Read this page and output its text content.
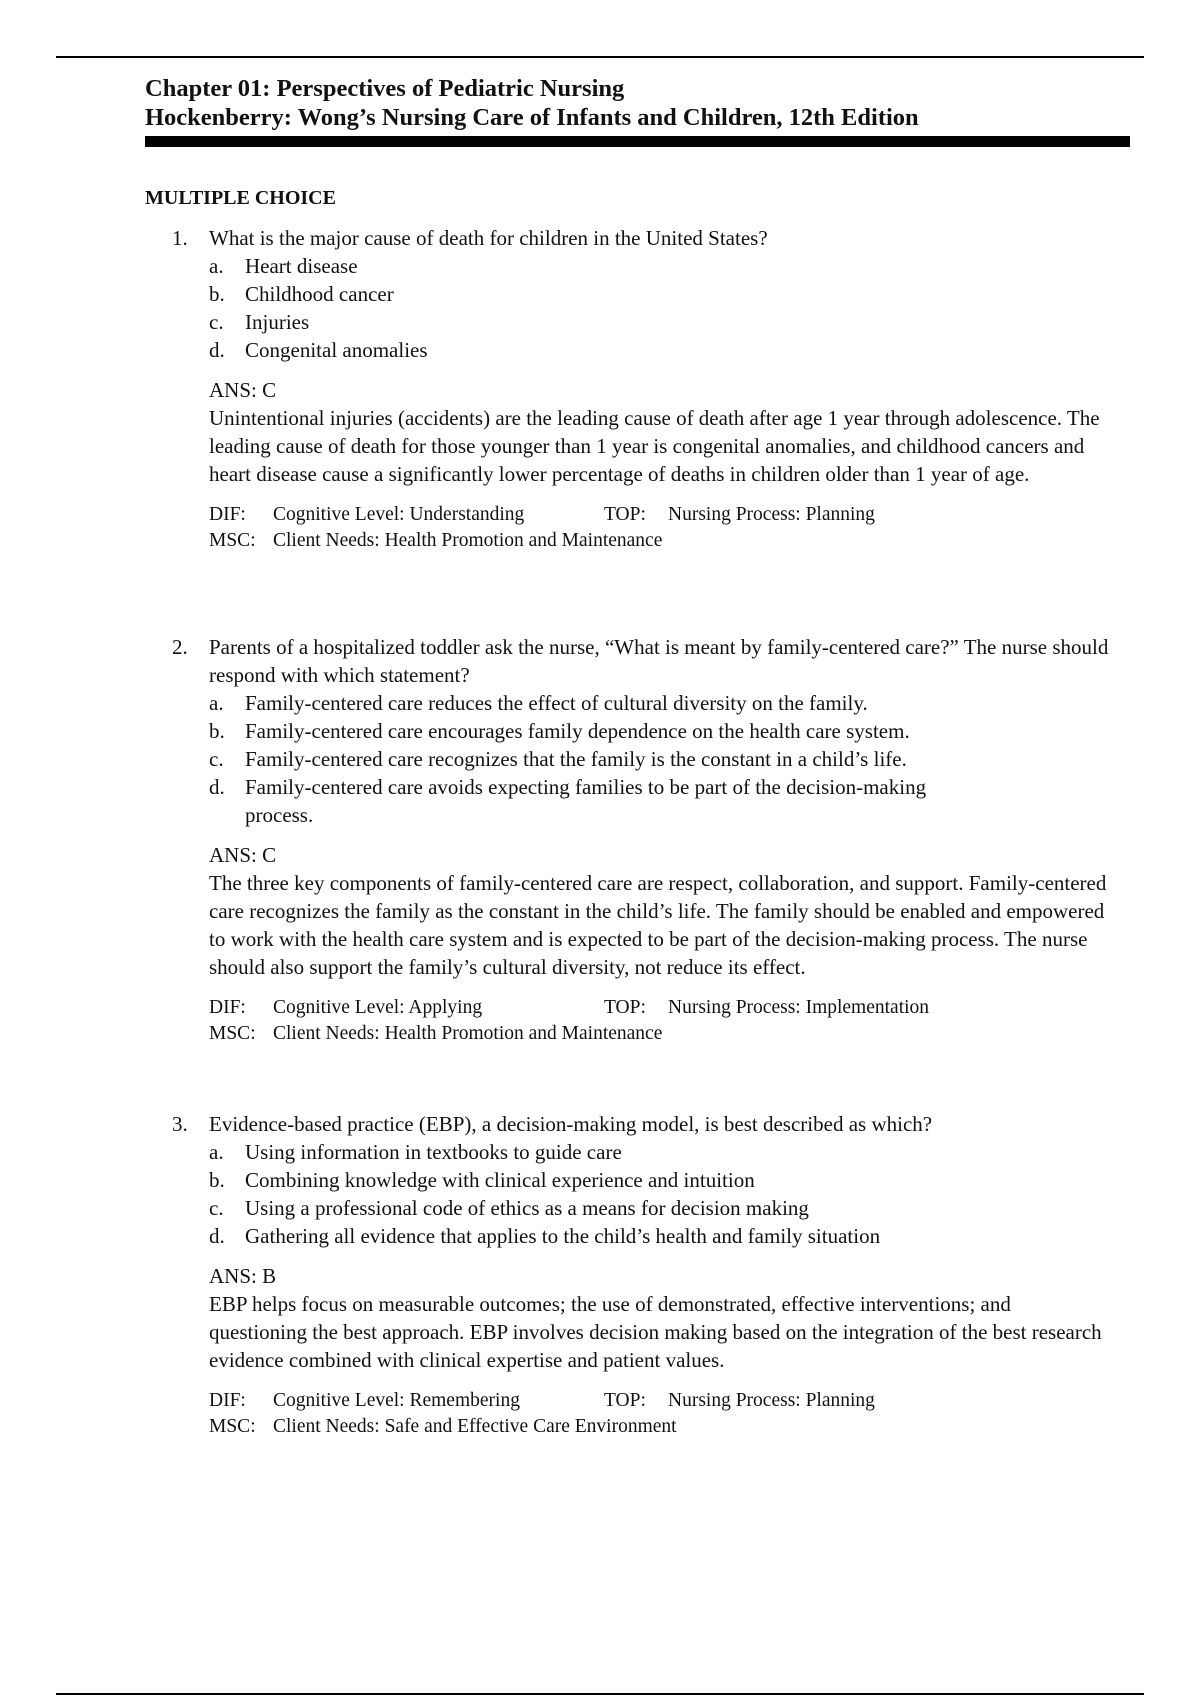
Chapter 01: Perspectives of Pediatric Nursing
Hockenberry: Wong’s Nursing Care of Infants and Children, 12th Edition
MULTIPLE CHOICE
1.	What is the major cause of death for children in the United States?
a.	Heart disease
b. Childhood cancer
c.	Injuries
d. Congenital anomalies
ANS: C
Unintentional injuries (accidents) are the leading cause of death after age 1 year through adolescence. The leading cause of death for those younger than 1 year is congenital anomalies, and childhood cancers and heart disease cause a significantly lower percentage of deaths in children older than 1 year of age.
DIF:	Cognitive Level: Understanding	TOP:	Nursing Process: Planning
MSC: Client Needs: Health Promotion and Maintenance
2.	Parents of a hospitalized toddler ask the nurse, “What is meant by family-centered care?” The nurse should respond with which statement?
a.	Family-centered care reduces the effect of cultural diversity on the family.
b. Family-centered care encourages family dependence on the health care system.
c.	Family-centered care recognizes that the family is the constant in a child’s life.
d. Family-centered care avoids expecting families to be part of the decision-making process.
ANS: C
The three key components of family-centered care are respect, collaboration, and support. Family-centered care recognizes the family as the constant in the child’s life. The family should be enabled and empowered to work with the health care system and is expected to be part of the decision-making process. The nurse should also support the family’s cultural diversity, not reduce its effect.
DIF:	Cognitive Level: Applying	TOP:	Nursing Process: Implementation
MSC: Client Needs: Health Promotion and Maintenance
3.	Evidence-based practice (EBP), a decision-making model, is best described as which?
a.	Using information in textbooks to guide care
b. Combining knowledge with clinical experience and intuition
c.	Using a professional code of ethics as a means for decision making
d. Gathering all evidence that applies to the child’s health and family situation
ANS: B
EBP helps focus on measurable outcomes; the use of demonstrated, effective interventions; and questioning the best approach. EBP involves decision making based on the integration of the best research evidence combined with clinical expertise and patient values.
DIF:	Cognitive Level: Remembering	TOP:	Nursing Process: Planning
MSC: Client Needs: Safe and Effective Care Environment
